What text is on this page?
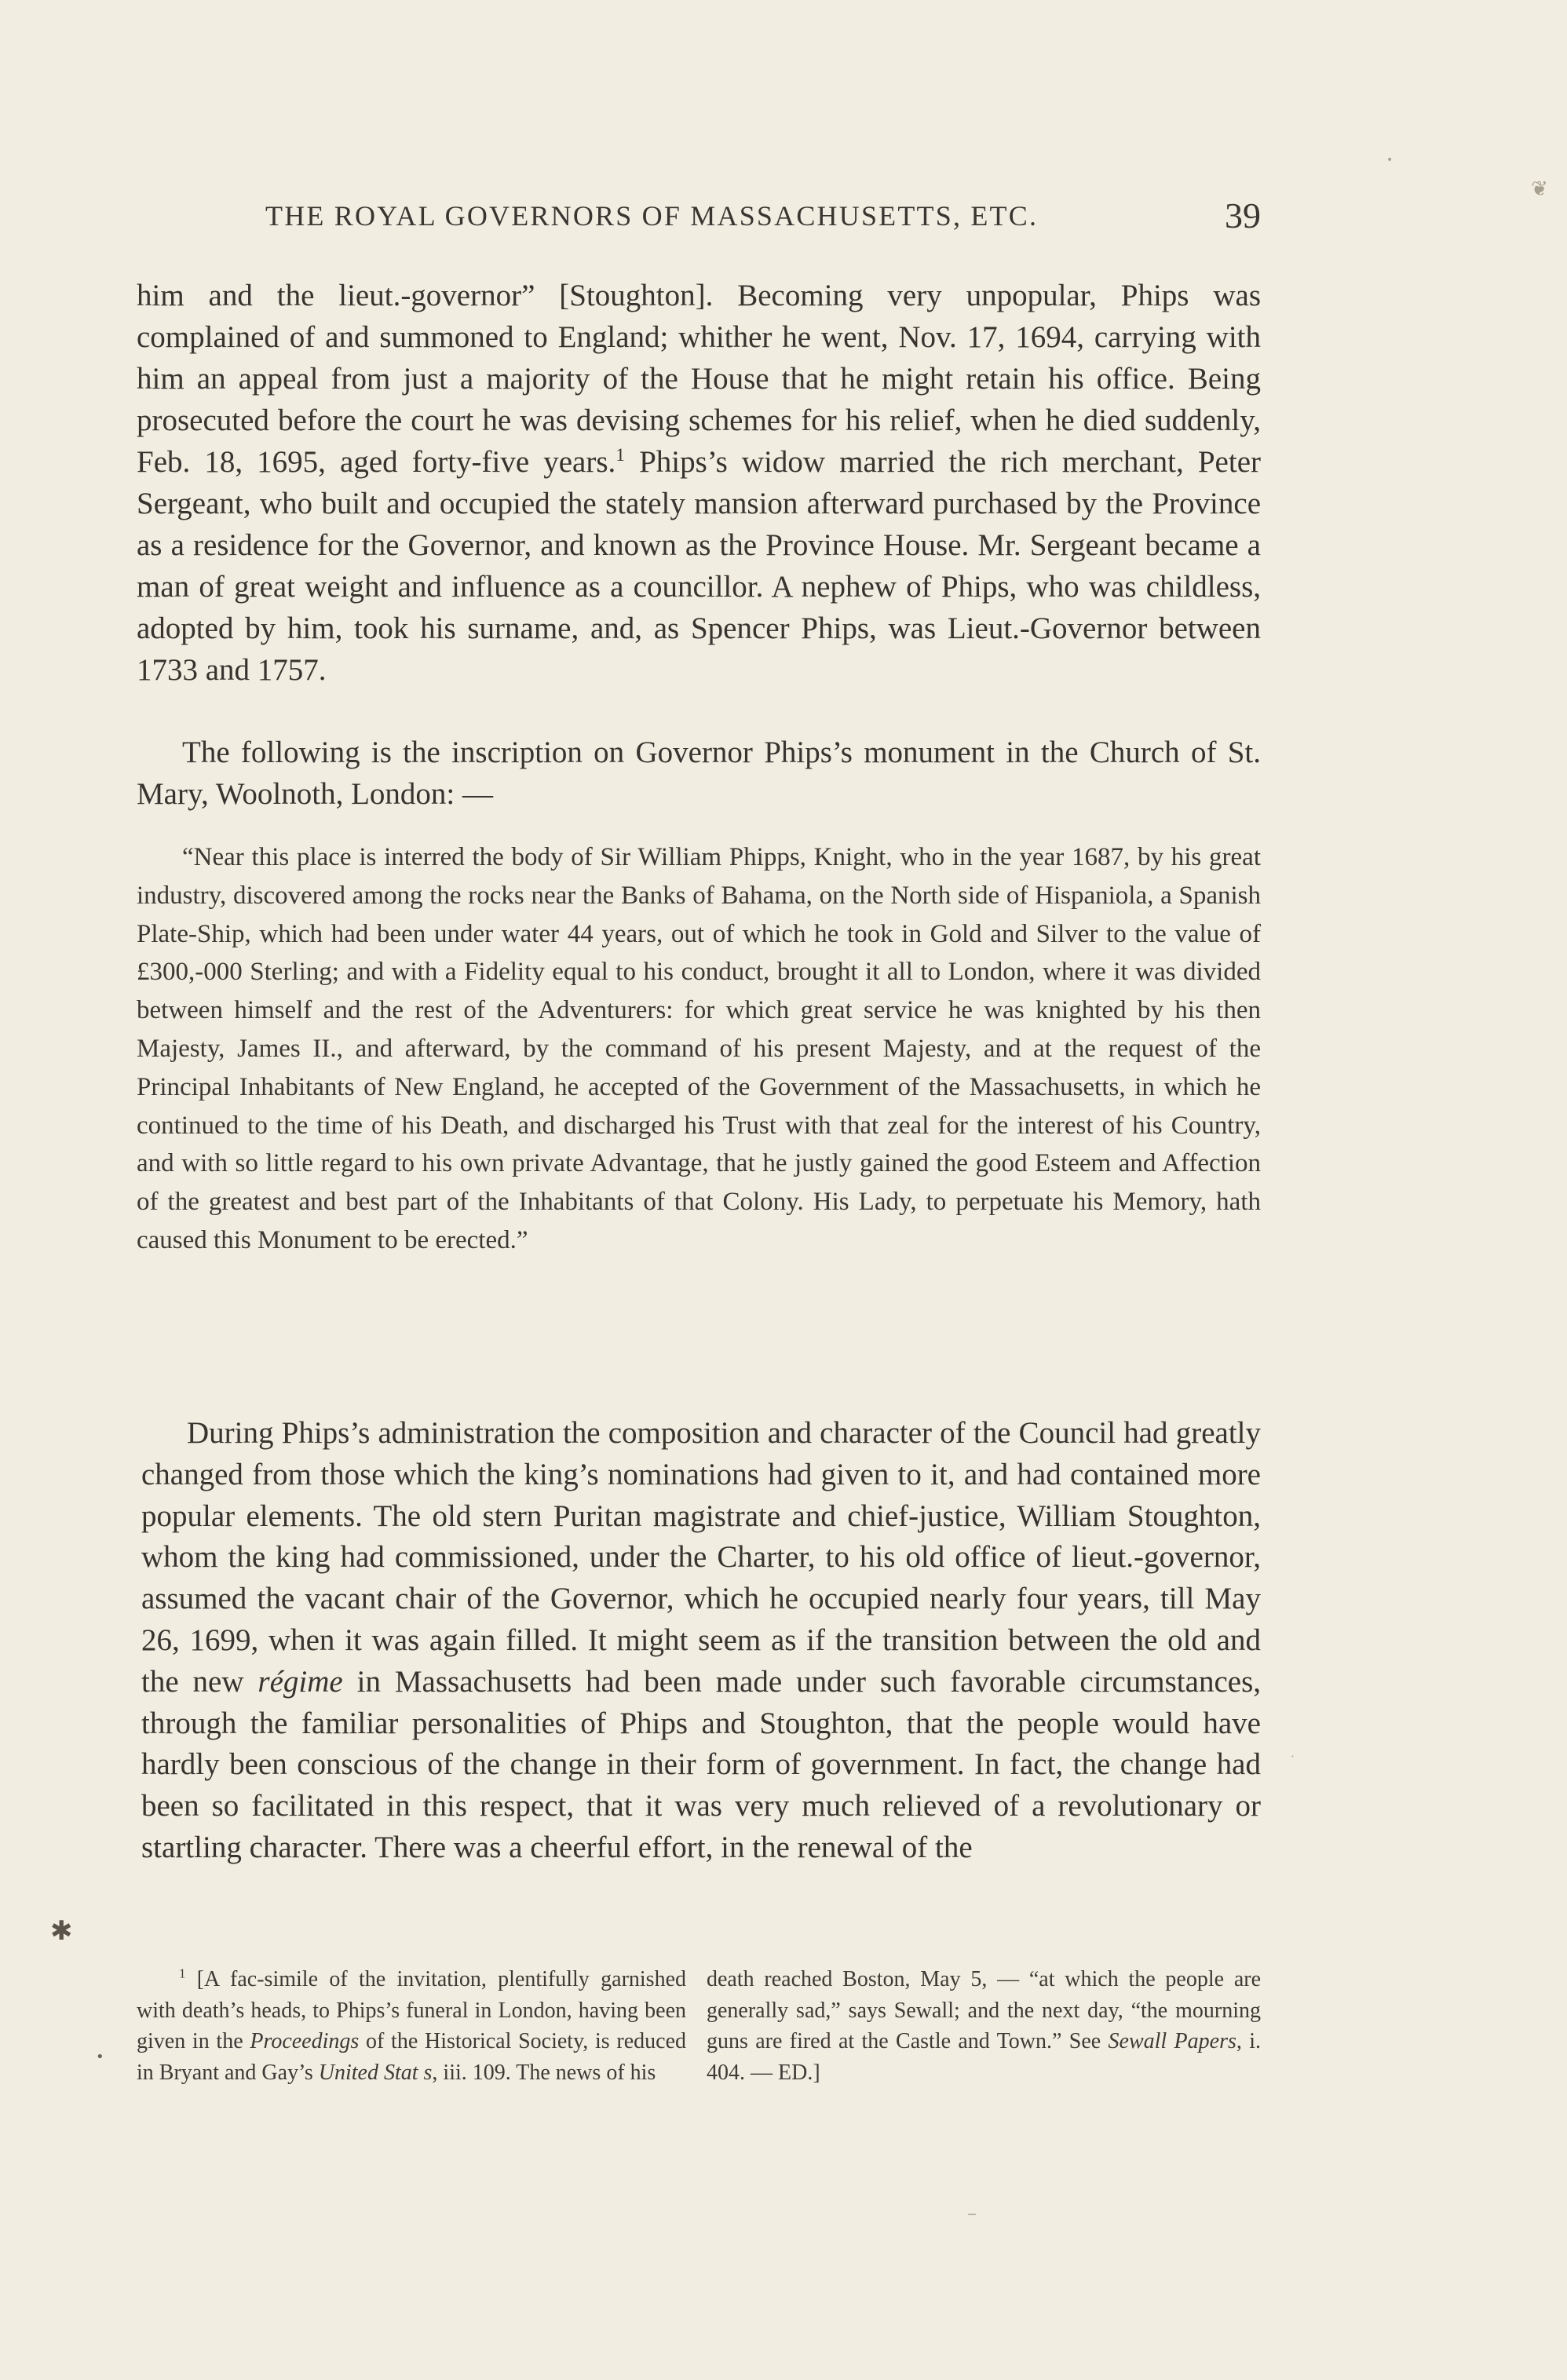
THE ROYAL GOVERNORS OF MASSACHUSETTS, ETC.	39

him and the lieut.-governor” [Stoughton]. Becoming very unpopular, Phips was complained of and summoned to England; whither he went, Nov. 17, 1694, carrying with him an appeal from just a majority of the House that he might retain his office. Being prosecuted before the court he was devising schemes for his relief, when he died suddenly, Feb. 18, 1695, aged forty-five years.$^1$ Phips’s widow married the rich merchant, Peter Sergeant, who built and occupied the stately mansion afterward purchased by the Province as a residence for the Governor, and known as the Province House. Mr. Sergeant became a man of great weight and influence as a councillor. A nephew of Phips, who was childless, adopted by him, took his surname, and, as Spencer Phips, was Lieut.-Governor between 1733 and 1757.

The following is the inscription on Governor Phips’s monument in the Church of St. Mary, Woolnoth, London: —

“Near this place is interred the body of Sir William Phipps, Knight, who in the year 1687, by his great industry, discovered among the rocks near the Banks of Bahama, on the North side of Hispaniola, a Spanish Plate-Ship, which had been under water 44 years, out of which he took in Gold and Silver to the value of £300,-000 Sterling; and with a Fidelity equal to his conduct, brought it all to London, where it was divided between himself and the rest of the Adventurers: for which great service he was knighted by his then Majesty, James II., and afterward, by the command of his present Majesty, and at the request of the Principal Inhabitants of New England, he accepted of the Government of the Massachusetts, in which he continued to the time of his Death, and discharged his Trust with that zeal for the interest of his Country, and with so little regard to his own private Advantage, that he justly gained the good Esteem and Affection of the greatest and best part of the Inhabitants of that Colony. His Lady, to perpetuate his Memory, hath caused this Monument to be erected.”

During Phips’s administration the composition and character of the Council had greatly changed from those which the king’s nominations had given to it, and had contained more popular elements. The old stern Puritan magistrate and chief-justice, William Stoughton, whom the king had commissioned, under the Charter, to his old office of lieut.-governor, assumed the vacant chair of the Governor, which he occupied nearly four years, till May 26, 1699, when it was again filled. It might seem as if the transition between the old and the new régime in Massachusetts had been made under such favorable circumstances, through the familiar personalities of Phips and Stoughton, that the people would have hardly been conscious of the change in their form of government. In fact, the change had been so facilitated in this respect, that it was very much relieved of a revolutionary or startling character. There was a cheerful effort, in the renewal of the

$^1$ [A fac-simile of the invitation, plentifully garnished with death’s heads, to Phips’s funeral in London, having been given in the Proceedings of the Historical Society, is reduced in Bryant and Gay’s United Stat s, iii. 109. The news of his

death reached Boston, May 5, — “at which the people are generally sad,” says Sewall; and the next day, “the mourning guns are fired at the Castle and Town.” See Sewall Papers, i. 404. — ED.]

❦
•
✱
•
–
·
